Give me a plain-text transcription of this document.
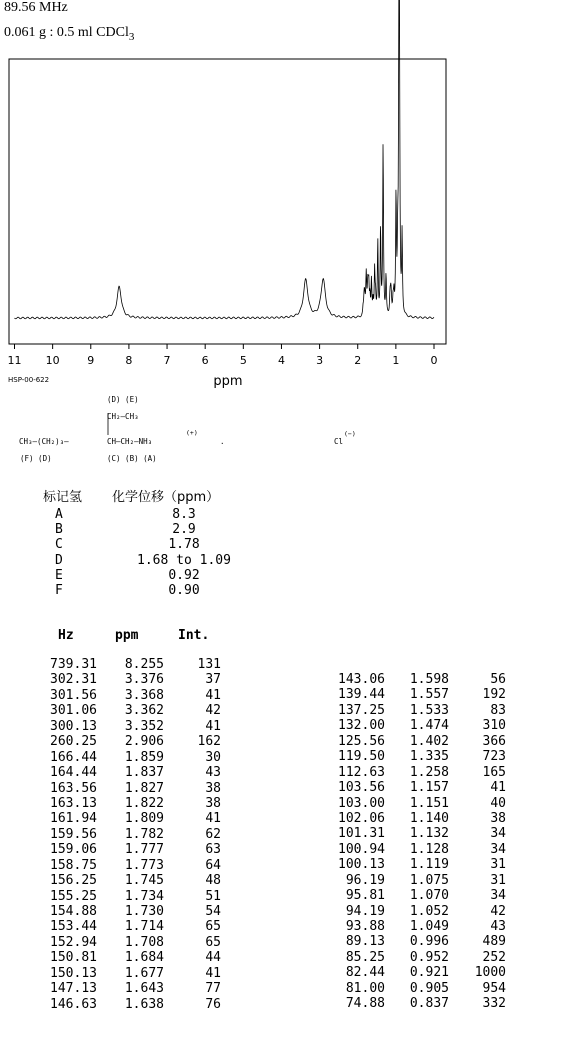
89.56 MHz
0.061 g : 0.5 ml CDCl$_3$
11 10	9	8	7	6	5	4	3	2	1	0
ppm
HSP-00-622
(D) (E)
CH₂—CH₃
CH₃—(CH₂)₃—	CH—CH₂—NH₃
(+)
.	Cl
(−)
(F) (D)	(C) (B) (A)
标记氢 化学位移（ppm）
A	8.3
B	2.9
C	1.78
D	1.68 to 1.09
E	0.92
F	0.90
Hz	ppm	Int.
739.31 8.255	131
302.31 3.376	37
301.56 3.368	41
301.06 3.362	42
300.13 3.352	41
260.25 2.906	162
166.44 1.859	30
164.44 1.837	43
163.56 1.827	38
163.13 1.822	38
161.94 1.809	41
159.56 1.782	62
159.06 1.777	63
158.75 1.773	64
156.25 1.745	48
155.25 1.734	51
154.88 1.730	54
153.44 1.714	65
152.94 1.708	65
150.81 1.684	44
150.13 1.677	41
147.13 1.643	77
146.63 1.638	76
143.06 1.598	56
139.44 1.557	192
137.25 1.533	83
132.00 1.474	310
125.56 1.402	366
119.50 1.335	723
112.63 1.258	165
103.56 1.157	41
103.00 1.151	40
102.06 1.140	38
101.31 1.132	34
100.94 1.128	34
100.13 1.119	31
96.19 1.075	31
95.81 1.070	34
94.19 1.052	42
93.88 1.049	43
89.13 0.996	489
85.25 0.952	252
82.44 0.921 1000
81.00 0.905	954
74.88 0.837	332
